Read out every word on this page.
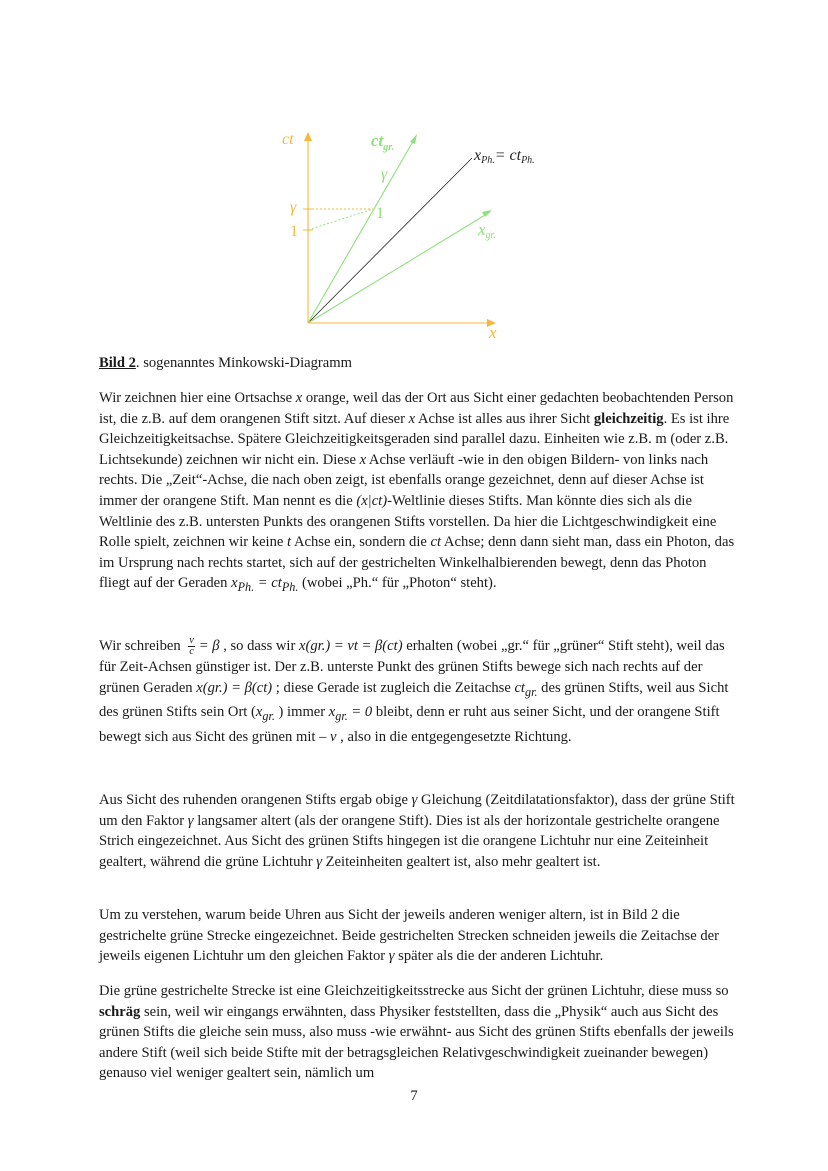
ct	$ct_{gr.}$	xPh.= ctPh.
γ
γ	1
1	xgr.
x
Bild 2. sogenanntes Minkowski-Diagramm

Wir zeichnen hier eine Ortsachse x orange, weil das der Ort aus Sicht einer gedachten beobachtenden Person ist, die z.B. auf dem orangenen Stift sitzt. Auf dieser x Achse ist alles aus ihrer Sicht gleichzeitig. Es ist ihre Gleichzeitigkeitsachse. Spätere Gleichzeitigkeitsgeraden sind parallel dazu. Einheiten wie z.B. m (oder z.B. Lichtsekunde) zeichnen wir nicht ein. Diese x Achse verläuft -wie in den obigen Bildern- von links nach rechts. Die „Zeit“-Achse, die nach oben zeigt, ist ebenfalls orange gezeichnet, denn auf dieser Achse ist immer der orangene Stift. Man nennt es die (x|ct)-Weltlinie dieses Stifts. Man könnte dies sich als die Weltlinie des z.B. untersten Punkts des orangenen Stifts vorstellen. Da hier die Lichtgeschwindigkeit eine Rolle spielt, zeichnen wir keine t Achse ein, sondern die ct Achse; denn dann sieht man, dass ein Photon, das im Ursprung nach rechts startet, sich auf der gestrichelten Winkelhalbierenden bewegt, denn das Photon fliegt auf der Geraden $x_{Ph.} = ct_{Ph.}$ (wobei „Ph.“ für „Photon“ steht).

Wir schreiben $\frac{v}{c} = \beta$ , so dass wir x(gr.) = vt = β(ct) erhalten (wobei „gr.“ für „grüner“ Stift steht), weil das für Zeit-Achsen günstiger ist. Der z.B. unterste Punkt des grünen Stifts bewege sich nach rechts auf der grünen Geraden x(gr.) = β(ct) ; diese Gerade ist zugleich die Zeitachse $ct_{gr.}$ des grünen Stifts, weil aus Sicht des grünen Stifts sein Ort ($x_{gr.}$ ) immer $x_{gr.} = 0$ bleibt, denn er ruht aus seiner Sicht, und der orangene Stift bewegt sich aus Sicht des grünen mit – v , also in die entgegengesetzte Richtung.

Aus Sicht des ruhenden orangenen Stifts ergab obige γ Gleichung (Zeitdilatationsfaktor), dass der grüne Stift um den Faktor γ langsamer altert (als der orangene Stift). Dies ist als der horizontale gestrichelte orangene Strich eingezeichnet. Aus Sicht des grünen Stifts hingegen ist die orangene Lichtuhr nur eine Zeiteinheit gealtert, während die grüne Lichtuhr γ Zeiteinheiten gealtert ist, also mehr gealtert ist.

Um zu verstehen, warum beide Uhren aus Sicht der jeweils anderen weniger altern, ist in Bild 2 die gestrichelte grüne Strecke eingezeichnet. Beide gestrichelten Strecken schneiden jeweils die Zeitachse der jeweils eigenen Lichtuhr um den gleichen Faktor γ später als die der anderen Lichtuhr.

Die grüne gestrichelte Strecke ist eine Gleichzeitigkeitsstrecke aus Sicht der grünen Lichtuhr, diese muss so schräg sein, weil wir eingangs erwähnten, dass Physiker feststellten, dass die „Physik“ auch aus Sicht des grünen Stifts die gleiche sein muss, also muss -wie erwähnt- aus Sicht des grünen Stifts ebenfalls der jeweils andere Stift (weil sich beide Stifte mit der betragsgleichen Relativgeschwindigkeit zueinander bewegen) genauso viel weniger gealtert sein, nämlich um

7
